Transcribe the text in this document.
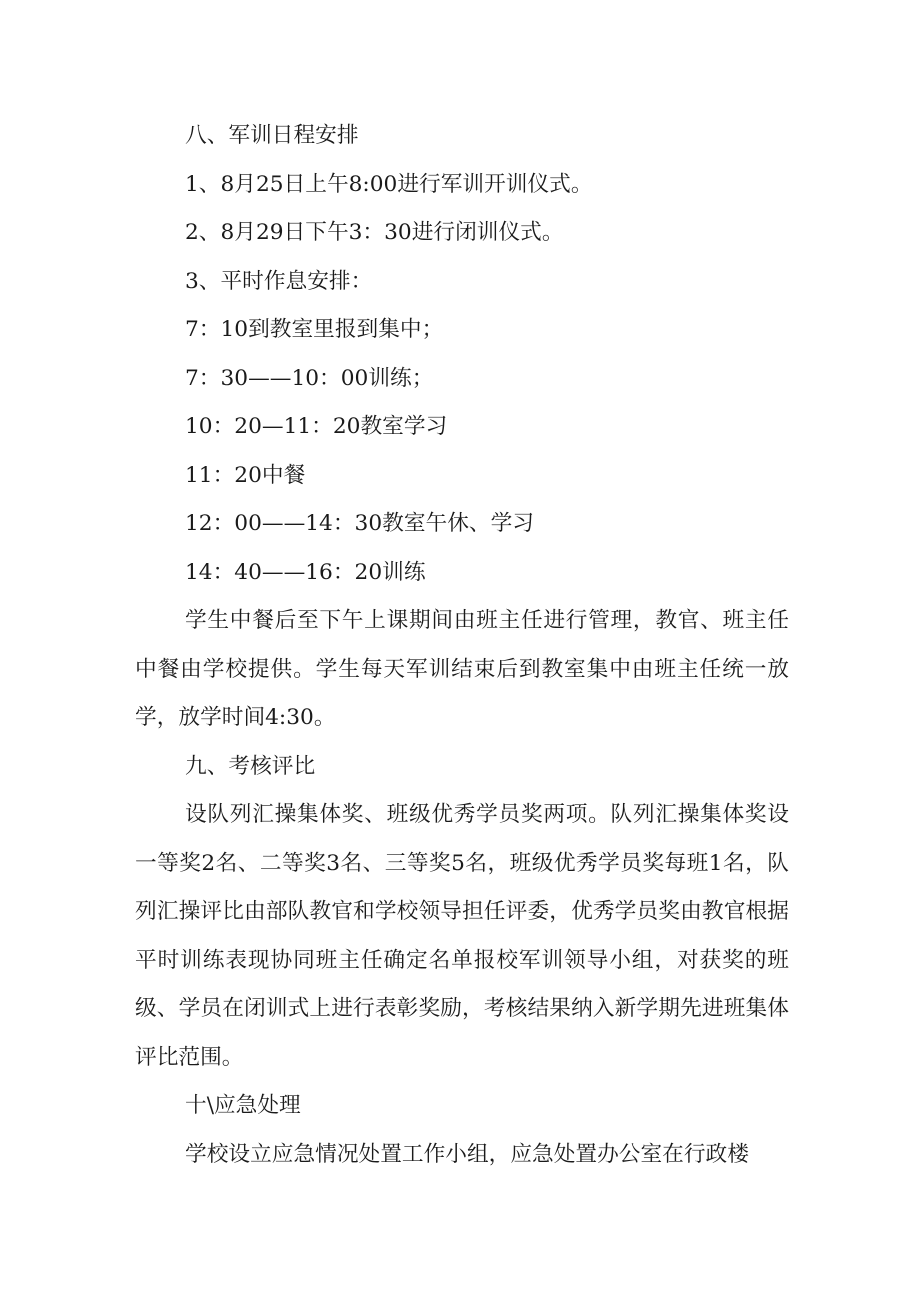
八、军训日程安排
1、8月25日上午8:00进行军训开训仪式。
2、8月29日下午3：30进行闭训仪式。
3、平时作息安排：
7：10到教室里报到集中；
7：30——10：00训练；
10：20—11：20教室学习
11：20中餐
12：00——14：30教室午休、学习
14：40——16：20训练
学生中餐后至下午上课期间由班主任进行管理，教官、班主任中餐由学校提供。学生每天军训结束后到教室集中由班主任统一放学，放学时间4:30。
九、考核评比
设队列汇操集体奖、班级优秀学员奖两项。队列汇操集体奖设一等奖2名、二等奖3名、三等奖5名，班级优秀学员奖每班1名，队列汇操评比由部队教官和学校领导担任评委，优秀学员奖由教官根据平时训练表现协同班主任确定名单报校军训领导小组，对获奖的班级、学员在闭训式上进行表彰奖励，考核结果纳入新学期先进班集体评比范围。
十\应急处理
学校设立应急情况处置工作小组，应急处置办公室在行政楼
